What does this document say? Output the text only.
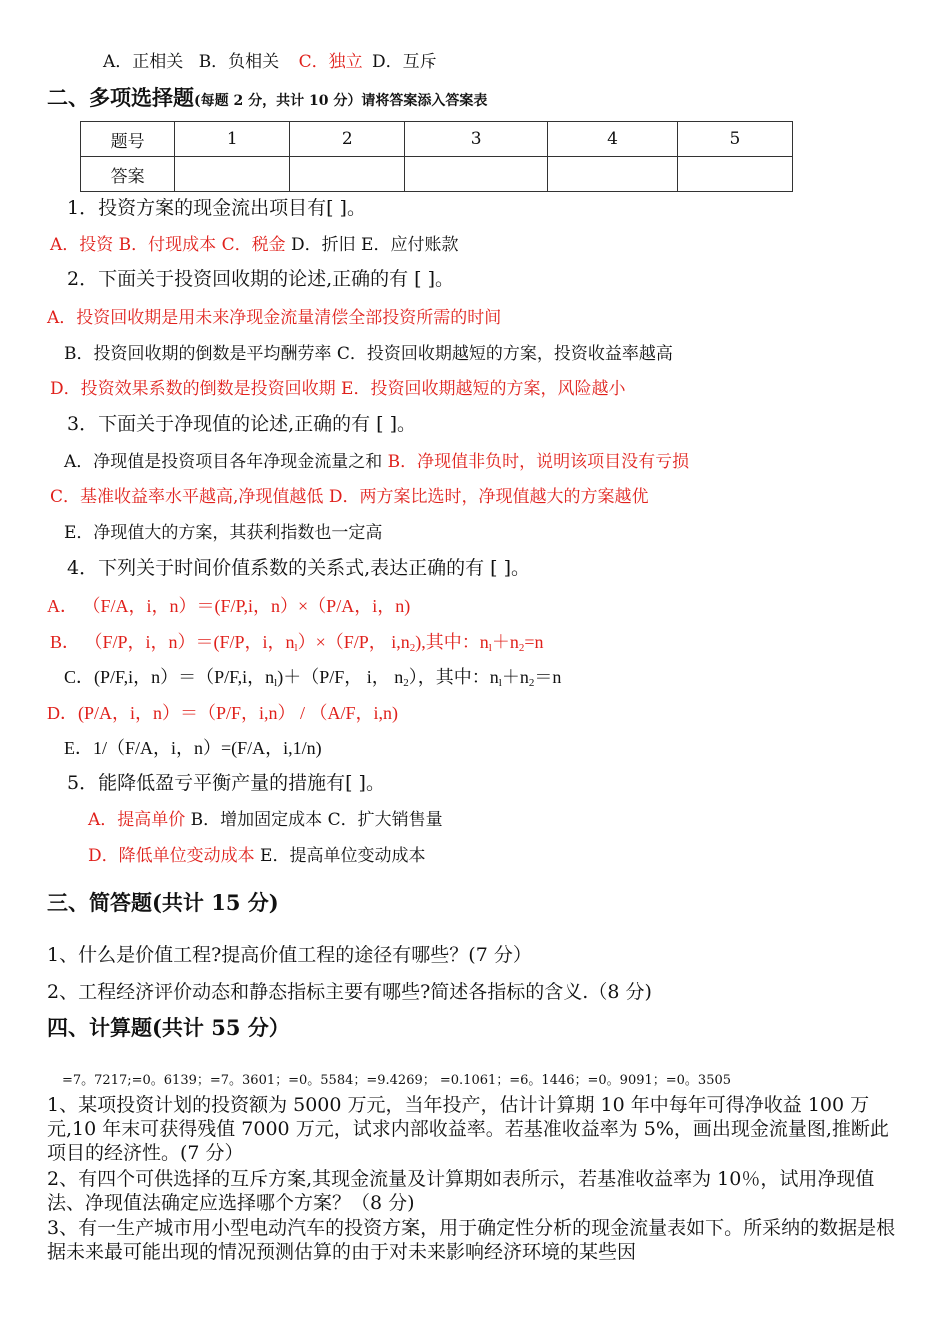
A．正相关 B．负相关 C．独立 D．互斥
二、多项选择题(每题 2 分，共计 10 分）请将答案添入答案表
题号	1	2	3	4	5
答案					
1．投资方案的现金流出项目有[ ]。
A．投资 B．付现成本 C．税金 D．折旧 E．应付账款
2．下面关于投资回收期的论述,正确的有 [ ]。
A．投资回收期是用未来净现金流量清偿全部投资所需的时间
B．投资回收期的倒数是平均酬劳率 C．投资回收期越短的方案，投资收益率越高
D．投资效果系数的倒数是投资回收期 E．投资回收期越短的方案，风险越小
3．下面关于净现值的论述,正确的有 [ ]。
A．净现值是投资项目各年净现金流量之和 B．净现值非负时，说明该项目没有亏损
C．基准收益率水平越高,净现值越低 D．两方案比选时，净现值越大的方案越优
E．净现值大的方案，其获利指数也一定高
4．下列关于时间价值系数的关系式,表达正确的有 [ ]。
A． （F/A，i，n）＝(F/P,i，n）×（P/A，i，n)
B． （F/P，i，n）＝(F/P，i，$n_l)\times(F/P$， $i,n_2$),其中：$n_l+n_2=n$
C．(P/F,i，n）＝（P/F,i，$n_l)+(P/F$， i， $n_2$），其中：$n_l+n_2=n$
D．(P/A，i，n）＝（P/F，i,n） / （A/F，i,n)
E．1/（F/A，i，n）=(F/A，i,1/n)
5．能降低盈亏平衡产量的措施有[ ]。
A．提高单价 B．增加固定成本 C．扩大销售量
D．降低单位变动成本 E．提高单位变动成本
三、简答题(共计 15 分)
1、什么是价值工程?提高价值工程的途径有哪些？(7 分）
2、工程经济评价动态和静态指标主要有哪些?简述各指标的含义.（8 分)
四、计算题(共计 55 分）
=7。7217;=0。6139；=7。3601；=0。5584；=9.4269； =0.1061；=6。1446；=0。9091；=0。3505
1、某项投资计划的投资额为 5000 万元，当年投产，估计计算期 10 年中每年可得净收益 100 万元,10 年末可获得残值 7000 万元，试求内部收益率。若基准收益率为 5%，画出现金流量图,推断此项目的经济性。(7 分）
2、有四个可供选择的互斥方案,其现金流量及计算期如表所示，若基准收益率为 10％，试用净现值法、净现值法确定应选择哪个方案？（8 分)
3、有一生产城市用小型电动汽车的投资方案，用于确定性分析的现金流量表如下。所采纳的数据是根据未来最可能出现的情况预测估算的由于对未来影响经济环境的某些因
